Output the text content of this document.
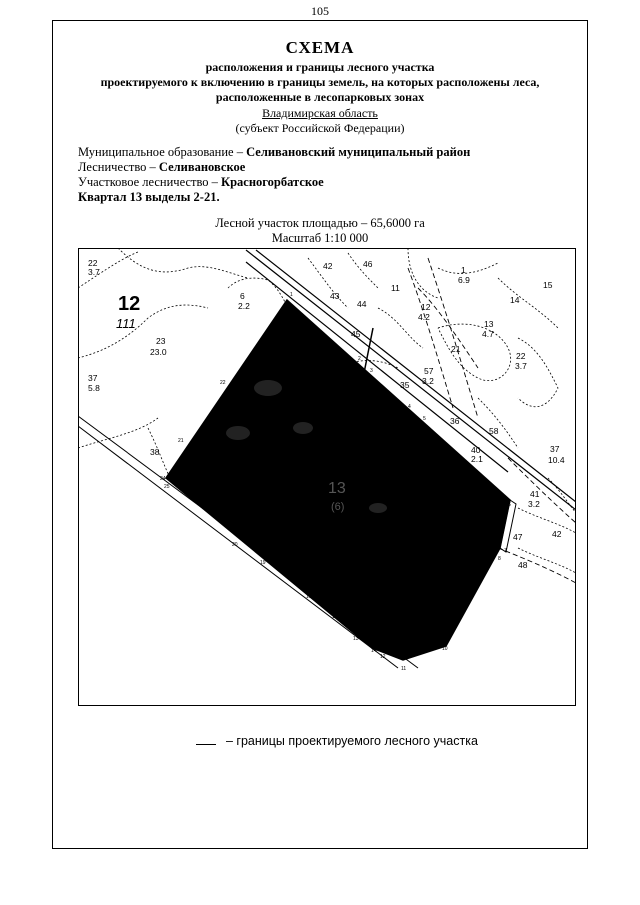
105
СХЕМА
расположения и границы лесного участка
проектируемого к включению в границы земель, на которых расположены леса,
расположенные в лесопарковых зонах
Владимирская область
(субъект Российской Федерации)
Муниципальное образование – Селивановский муниципальный район
Лесничество – Селивановское
Участковое лесничество – Красногорбатское
Квартал 13 выделы 2-21.
Лесной участок площадью – 65,6000 га
Масштаб 1:10 000
12
111
13
(6)
22
3.7
6
2.2
23
23.0
37
5.8
38
42	46
43
44
11
1
6.9
14
15
12
4.2
45
13
4.7
21
22
3.7
57
3.2
35
36
58
40
2.1
37
10.4
41
3.2
47	42
48
1
2
3
4
5
6
7
8
9
10
11
12
13
14
15
16
17
18
19
20
21
22
23
24
25
– границы проектируемого лесного участка
